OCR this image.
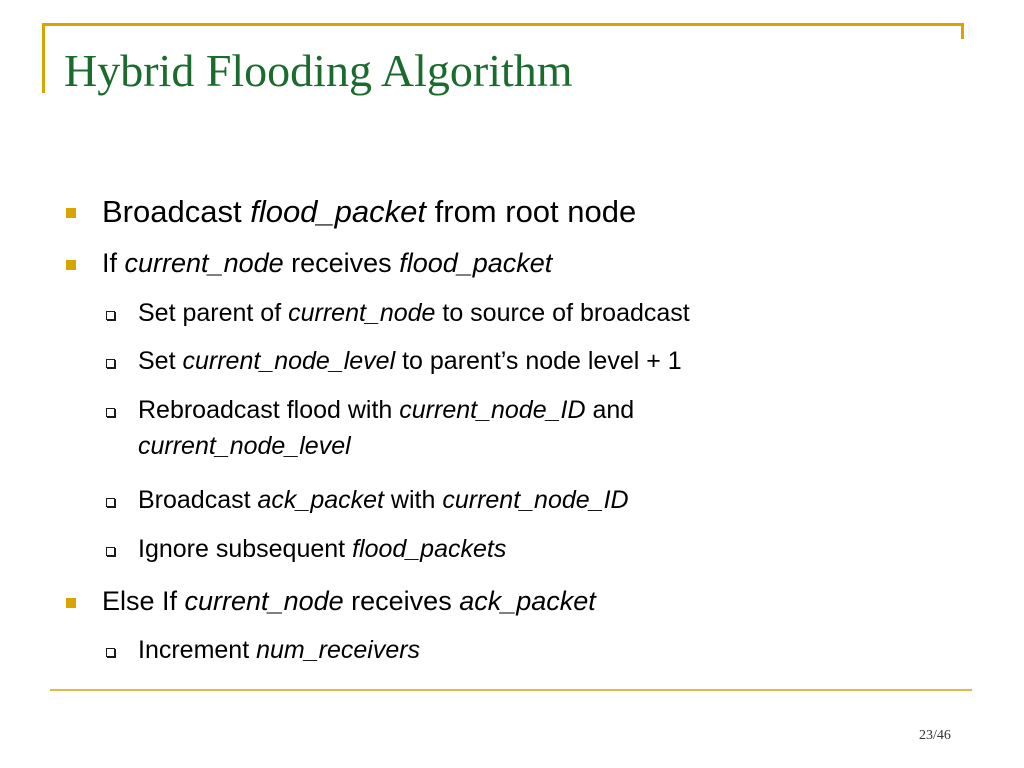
Hybrid Flooding Algorithm
Broadcast flood_packet from root node
If current_node receives flood_packet
Set parent of current_node to source of broadcast
Set current_node_level to parent’s node level + 1
Rebroadcast flood with current_node_ID and
current_node_level
Broadcast ack_packet with current_node_ID
Ignore subsequent flood_packets
Else If current_node receives ack_packet
Increment num_receivers
23/46
